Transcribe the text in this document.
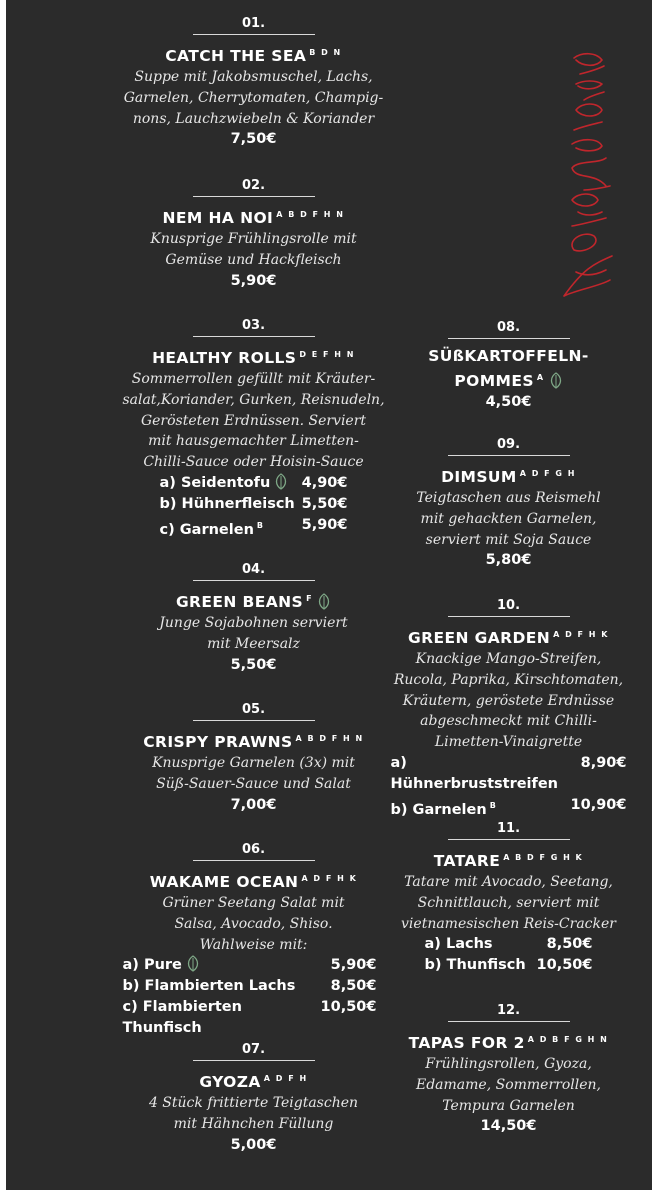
Vorspeisen
01.
CATCH THE SEA $^{B D N}$
Suppe mit Jakobsmuschel, Lachs,
Garnelen, Cherrytomaten, Champig-
nons, Lauchzwiebeln & Koriander
7,50€
02.
NEM HA NOI $^{A B D F H N}$
Knusprige Frühlingsrolle mit
Gemüse und Hackfleisch
5,90€
03.
HEALTHY ROLLS $^{D E F H N}$
Sommerrollen gefüllt mit Kräuter-
salat,Koriander, Gurken, Reisnudeln,
Gerösteten Erdnüssen. Serviert
mit hausgemachter Limetten-
Chilli-Sauce oder Hoisin-Sauce
a) Seidentofu	4,90€
b) Hühnerfleisch 5,50€
c) Garnelen $^B$	5,90€
04.
GREEN BEANS $^F$
Junge Sojabohnen serviert
mit Meersalz
5,50€
05.
CRISPY PRAWNS $^{A B D F H N}$
Knusprige Garnelen (3x) mit
Süß-Sauer-Sauce und Salat
7,00€
06.
WAKAME OCEAN $^{A D F H K}$
Grüner Seetang Salat mit
Salsa, Avocado, Shiso.
Wahlweise mit:
a) Pure	5,90€
b) Flambierten Lachs 8,50€
c) Flambierten Thunfisch
10,50€
07.
GYOZA $^{A D F H}$
4 Stück frittierte Teigtaschen
mit Hähnchen Füllung
5,00€
08.
SÜßKARTOFFELN-
POMMES $^A$
4,50€
09.
DIMSUM $^{A D F G H}$
Teigtaschen aus Reismehl
mit gehackten Garnelen,
serviert mit Soja Sauce
5,80€
10.
GREEN GARDEN $^{A D F H K}$
Knackige Mango-Streifen,
Rucola, Paprika, Kirschtomaten,
Kräutern, geröstete Erdnüsse
abgeschmeckt mit Chilli-
Limetten-Vinaigrette
a) Hühnerbruststreifen
8,90€
b) Garnelen $^B$	10,90€
11.
TATARE $^{A B D F G H K}$
Tatare mit Avocado, Seetang,
Schnittlauch, serviert mit
vietnamesischen Reis-Cracker
a) Lachs	8,50€
b) Thunfisch 10,50€
12.
TAPAS FOR 2 $^{A D B F G H N}$
Frühlingsrollen, Gyoza,
Edamame, Sommerrollen,
Tempura Garnelen
14,50€
